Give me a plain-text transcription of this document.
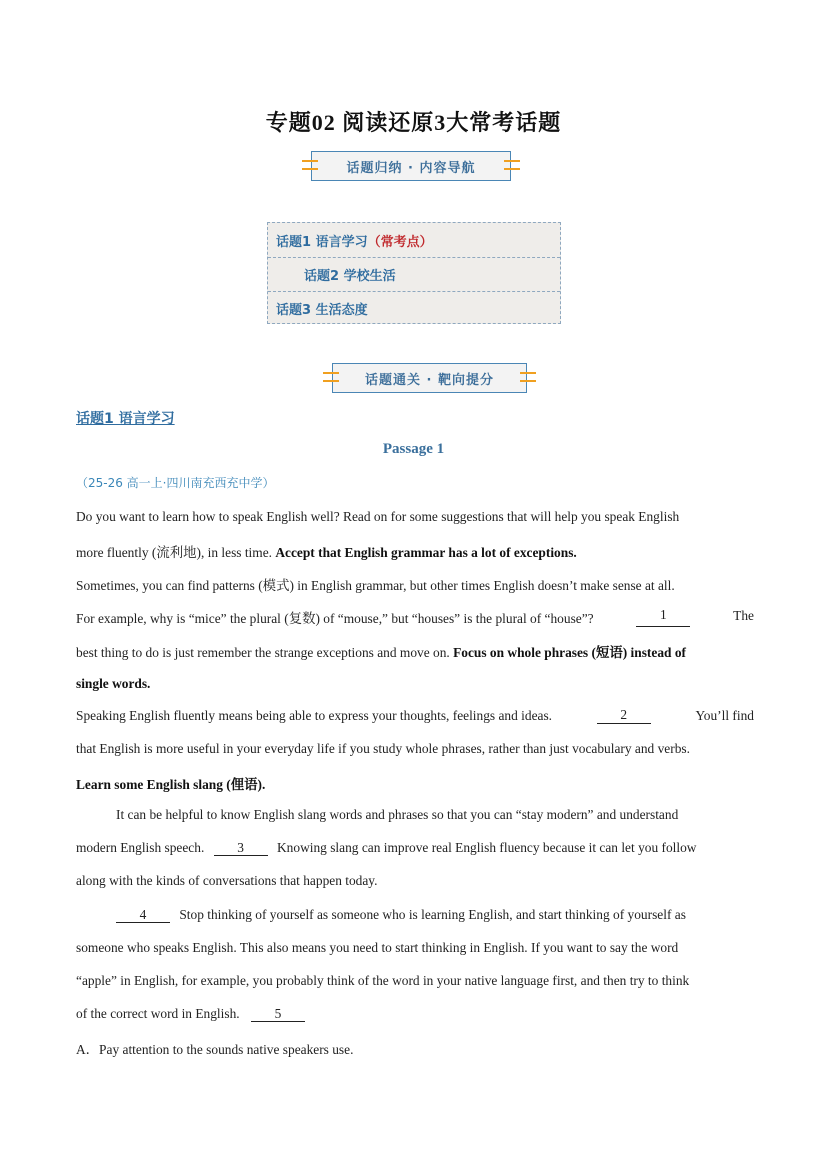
专题02 阅读还原3大常考话题
话题归纳 · 内容导航
话题1 语言学习 （常考点）
话题2 学校生活
话题3 生活态度
话题通关 · 靶向提分
话题1 语言学习
Passage 1
（25-26 高一上·四川南充西充中学）
Do you want to learn how to speak English well? Read on for some suggestions that will help you speak English
more fluently (流利地), in less time. Accept that English grammar has a lot of exceptions.
Sometimes, you can find patterns (模式) in English grammar, but other times English doesn’t make sense at all.
For example, why is “mice” the plural (复数) of “mouse,” but “houses” is the plural of “house”?	1	The
best thing to do is just remember the strange exceptions and move on. Focus on whole phrases (短语) instead of
single words.
Speaking English fluently means being able to express your thoughts, feelings and ideas.	2	You’ll find
that English is more useful in your everyday life if you study whole phrases, rather than just vocabulary and verbs.
Learn some English slang (俚语).
It can be helpful to know English slang words and phrases so that you can “stay modern” and understand
modern English speech. 3 Knowing slang can improve real English fluency because it can let you follow
along with the kinds of conversations that happen today.
4 Stop thinking of yourself as someone who is learning English, and start thinking of yourself as
someone who speaks English. This also means you need to start thinking in English. If you want to say the word
“apple” in English, for example, you probably think of the word in your native language first, and then try to think
of the correct word in English.	5
A．Pay attention to the sounds native speakers use.
